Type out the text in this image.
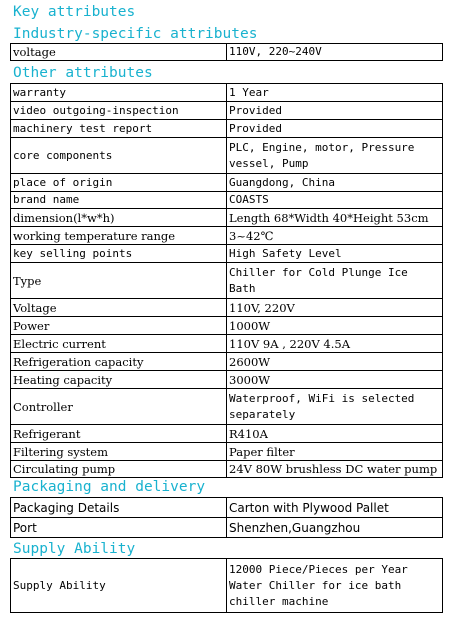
Key attributes
Industry-specific attributes
voltage	110V, 220~240V
Other attributes
warranty	1 Year
video outgoing-inspection	Provided
machinery test report	Provided
core components	PLC, Engine, motor, Pressure vessel, Pump
place of origin	Guangdong, China
brand name	COASTS
dimension(l*w*h)	Length 68*Width 40*Height 53cm
working temperature range	3~42℃
key selling points	High Safety Level
Type	Chiller for Cold Plunge Ice Bath
Voltage	110V, 220V
Power	1000W
Electric current	110V 9A , 220V 4.5A
Refrigeration capacity	2600W
Heating capacity	3000W
Controller	Waterproof, WiFi is selected separately
Refrigerant	R410A
Filtering system	Paper filter
Circulating pump	24V 80W brushless DC water pump
Packaging and delivery
Packaging Details	Carton with Plywood Pallet
Port	Shenzhen,Guangzhou
Supply Ability
Supply Ability	12000 Piece/Pieces per Year Water Chiller for ice bath chiller machine
